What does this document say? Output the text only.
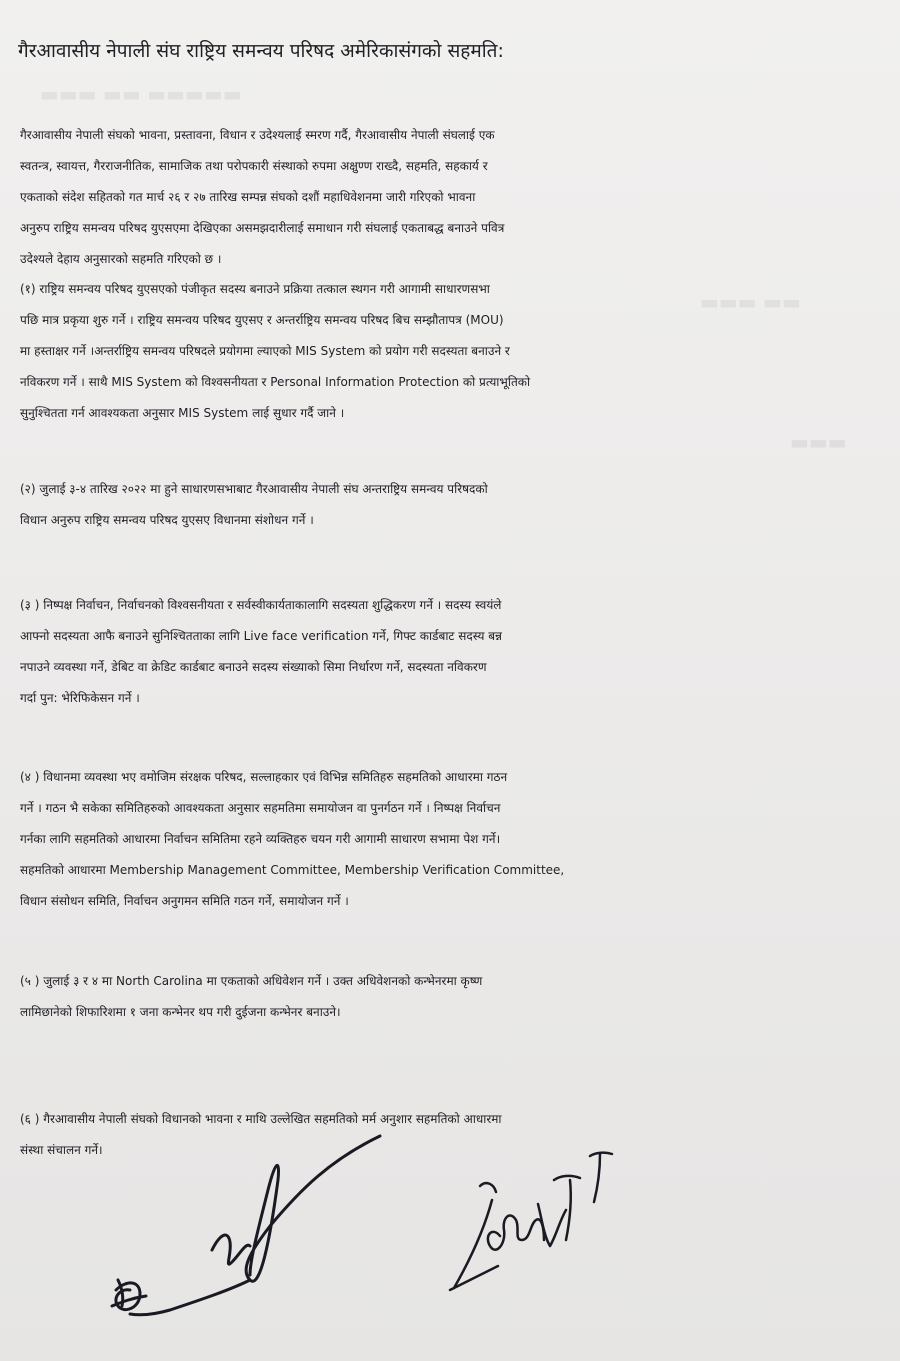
▬▬▬ ▬▬ ▬▬▬▬▬
▬▬▬ ▬▬
▬▬▬
गैरआवासीय नेपाली संघ राष्ट्रिय समन्वय परिषद अमेरिकासंगको सहमति:
गैरआवासीय नेपाली संघको भावना, प्रस्तावना, विधान र उदेश्यलाई स्मरण गर्दै, गैरआवासीय नेपाली संघलाई एक
स्वतन्त्र, स्वायत्त, गैरराजनीतिक, सामाजिक तथा परोपकारी संस्थाको रुपमा अक्षुण्ण राख्दै, सहमति, सहकार्य र
एकताको संदेश सहितको गत मार्च २६ र २७ तारिख सम्पन्न संघको दशौं महाधिवेशनमा जारी गरिएको भावना
अनुरुप राष्ट्रिय समन्वय परिषद युएसएमा देखिएका असमझदारीलाई समाधान गरी संघलाई एकताबद्ध बनाउने पवित्र
उदेश्यले देहाय अनुसारको सहमति गरिएको छ ।
(१) राष्ट्रिय समन्वय परिषद युएसएको पंजीकृत सदस्य बनाउने प्रक्रिया तत्काल स्थगन गरी आगामी साधारणसभा
पछि मात्र प्रकृया शुरु गर्ने । राष्ट्रिय समन्वय परिषद युएसए र अन्तर्राष्ट्रिय समन्वय परिषद बिच सम्झौतापत्र (MOU)
मा हस्ताक्षर गर्ने ।अन्तर्राष्ट्रिय समन्वय परिषदले प्रयोगमा ल्याएको MIS System को प्रयोग गरी सदस्यता बनाउने र
नविकरण गर्ने । साथै MIS System को विश्वसनीयता र Personal Information Protection को प्रत्याभूतिको
सुनुश्चितता गर्न आवश्यकता अनुसार MIS System लाई सुधार गर्दै जाने ।
(२) जुलाई ३-४ तारिख २०२२ मा हुने साधारणसभाबाट गैरआवासीय नेपाली संघ अन्तराष्ट्रिय समन्वय परिषदको
विधान अनुरुप राष्ट्रिय समन्वय परिषद युएसए विधानमा संशोधन गर्ने ।
(३ ) निष्पक्ष निर्वाचन, निर्वाचनको विश्वसनीयता र सर्वस्वीकार्यताकालागि सदस्यता शुद्धिकरण गर्ने । सदस्य स्वयंले
आफ्नो सदस्यता आफै बनाउने सुनिश्चितताका लागि Live face verification गर्ने, गिफ्ट कार्डबाट सदस्य बन्न
नपाउने व्यवस्था गर्ने, डेबिट वा क्रेडिट कार्डबाट बनाउने सदस्य संख्याको सिमा निर्धारण गर्ने, सदस्यता नविकरण
गर्दा पुन: भेरिफिकेसन गर्ने ।
(४ ) विधानमा व्यवस्था भए वमोजिम संरक्षक परिषद, सल्लाहकार एवं विभिन्न समितिहरु सहमतिको आधारमा गठन
गर्ने । गठन भै सकेका समितिहरुको आवश्यकता अनुसार सहमतिमा समायोजन वा पुनर्गठन गर्ने । निष्पक्ष निर्वाचन
गर्नका लागि सहमतिको आधारमा निर्वाचन समितिमा रहने व्यक्तिहरु चयन गरी आगामी साधारण सभामा पेश गर्ने।
सहमतिको आधारमा Membership Management Committee, Membership Verification Committee,
विधान संसोधन समिति, निर्वाचन अनुगमन समिति गठन गर्ने, समायोजन गर्ने ।
(५ ) जुलाई ३ र ४ मा North Carolina मा एकताको अधिवेशन गर्ने । उक्त अधिवेशनको कन्भेनरमा कृष्ण
लामिछानेको शिफारिशमा १ जना कन्भेनर थप गरी दुईजना कन्भेनर बनाउने।
(६ ) गैरआवासीय नेपाली संघको विधानको भावना र माथि उल्लेखित सहमतिको मर्म अनुशार सहमतिको आधारमा
संस्था संचालन गर्ने।
